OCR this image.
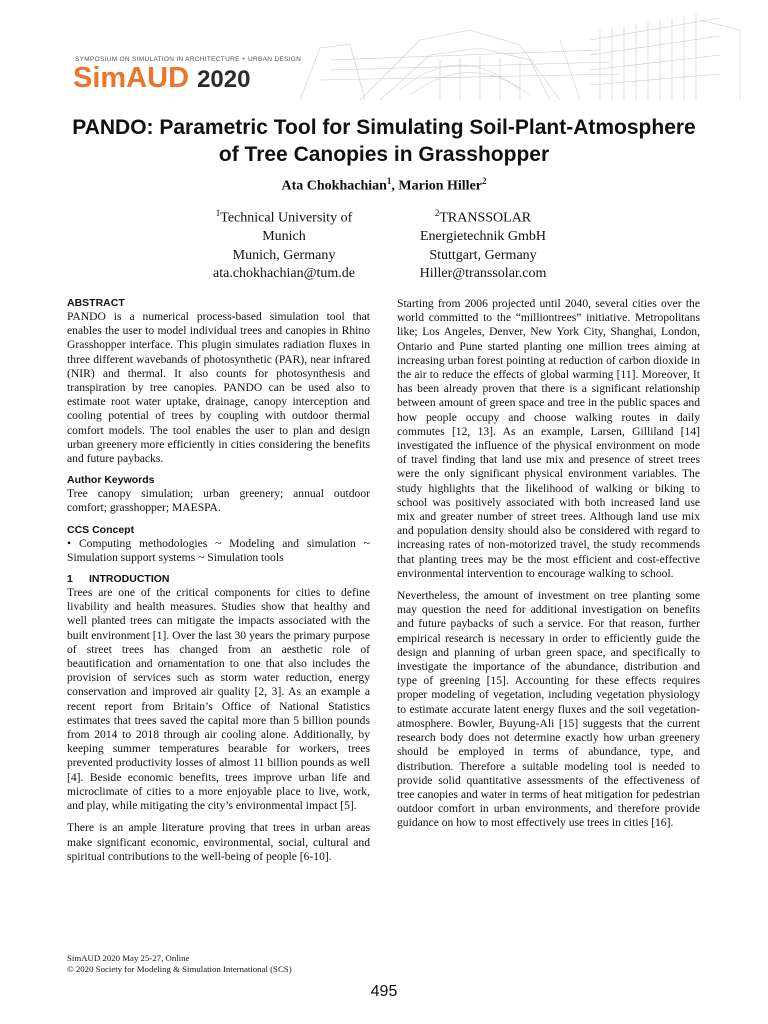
SYMPOSIUM ON SIMULATION IN ARCHITECTURE + URBAN DESIGN

SimAUD 2020

PANDO: Parametric Tool for Simulating Soil-Plant-Atmosphere of Tree Canopies in Grasshopper

Ata Chokhachian$^1$, Marion Hiller$^2$

$^1$Technical University of
Munich
Munich, Germany
ata.chokhachian@tum.de
$^2$TRANSSOLAR
Energietechnik GmbH
Stuttgart, Germany
Hiller@transsolar.com
ABSTRACT

PANDO is a numerical process-based simulation tool that enables the user to model individual trees and canopies in Rhino Grasshopper interface. This plugin simulates radiation fluxes in three different wavebands of photosynthetic (PAR), near infrared (NIR) and thermal. It also counts for photosynthesis and transpiration by tree canopies. PANDO can be used also to estimate root water uptake, drainage, canopy interception and cooling potential of trees by coupling with outdoor thermal comfort models. The tool enables the user to plan and design urban greenery more efficiently in cities considering the benefits and future paybacks.

Author Keywords

Tree canopy simulation; urban greenery; annual outdoor comfort; grasshopper; MAESPA.

CCS Concept

• Computing methodologies ~ Modeling and simulation ~ Simulation support systems ~ Simulation tools

1 INTRODUCTION

Trees are one of the critical components for cities to define livability and health measures. Studies show that healthy and well planted trees can mitigate the impacts associated with the built environment [1]. Over the last 30 years the primary purpose of street trees has changed from an aesthetic role of beautification and ornamentation to one that also includes the provision of services such as storm water reduction, energy conservation and improved air quality [2, 3]. As an example a recent report from Britain’s Office of National Statistics estimates that trees saved the capital more than 5 billion pounds from 2014 to 2018 through air cooling alone. Additionally, by keeping summer temperatures bearable for workers, trees prevented productivity losses of almost 11 billion pounds as well [4]. Beside economic benefits, trees improve urban life and microclimate of cities to a more enjoyable place to live, work, and play, while mitigating the city’s environmental impact [5].

There is an ample literature proving that trees in urban areas make significant economic, environmental, social, cultural and spiritual contributions to the well-being of people [6-10].

Starting from 2006 projected until 2040, several cities over the world committed to the “milliontrees” initiative. Metropolitans like; Los Angeles, Denver, New York City, Shanghai, London, Ontario and Pune started planting one million trees aiming at increasing urban forest pointing at reduction of carbon dioxide in the air to reduce the effects of global warming [11]. Moreover, It has been already proven that there is a significant relationship between amount of green space and tree in the public spaces and how people occupy and choose walking routes in daily commutes [12, 13]. As an example, Larsen, Gilliland [14] investigated the influence of the physical environment on mode of travel finding that land use mix and presence of street trees were the only significant physical environment variables. The study highlights that the likelihood of walking or biking to school was positively associated with both increased land use mix and greater number of street trees. Although land use mix and population density should also be considered with regard to increasing rates of non-motorized travel, the study recommends that planting trees may be the most efficient and cost-effective environmental intervention to encourage walking to school.

Nevertheless, the amount of investment on tree planting some may question the need for additional investigation on benefits and future paybacks of such a service. For that reason, further empirical research is necessary in order to efficiently guide the design and planning of urban green space, and specifically to investigate the importance of the abundance, distribution and type of greening [15]. Accounting for these effects requires proper modeling of vegetation, including vegetation physiology to estimate accurate latent energy fluxes and the soil vegetation-atmosphere. Bowler, Buyung-Ali [15] suggests that the current research body does not determine exactly how urban greenery should be employed in terms of abundance, type, and distribution. Therefore a suitable modeling tool is needed to provide solid quantitative assessments of the effectiveness of tree canopies and water in terms of heat mitigation for pedestrian outdoor comfort in urban environments, and therefore provide guidance on how to most effectively use trees in cities [16].

SimAUD 2020 May 25-27, Online
© 2020 Society for Modeling & Simulation International (SCS)

495
